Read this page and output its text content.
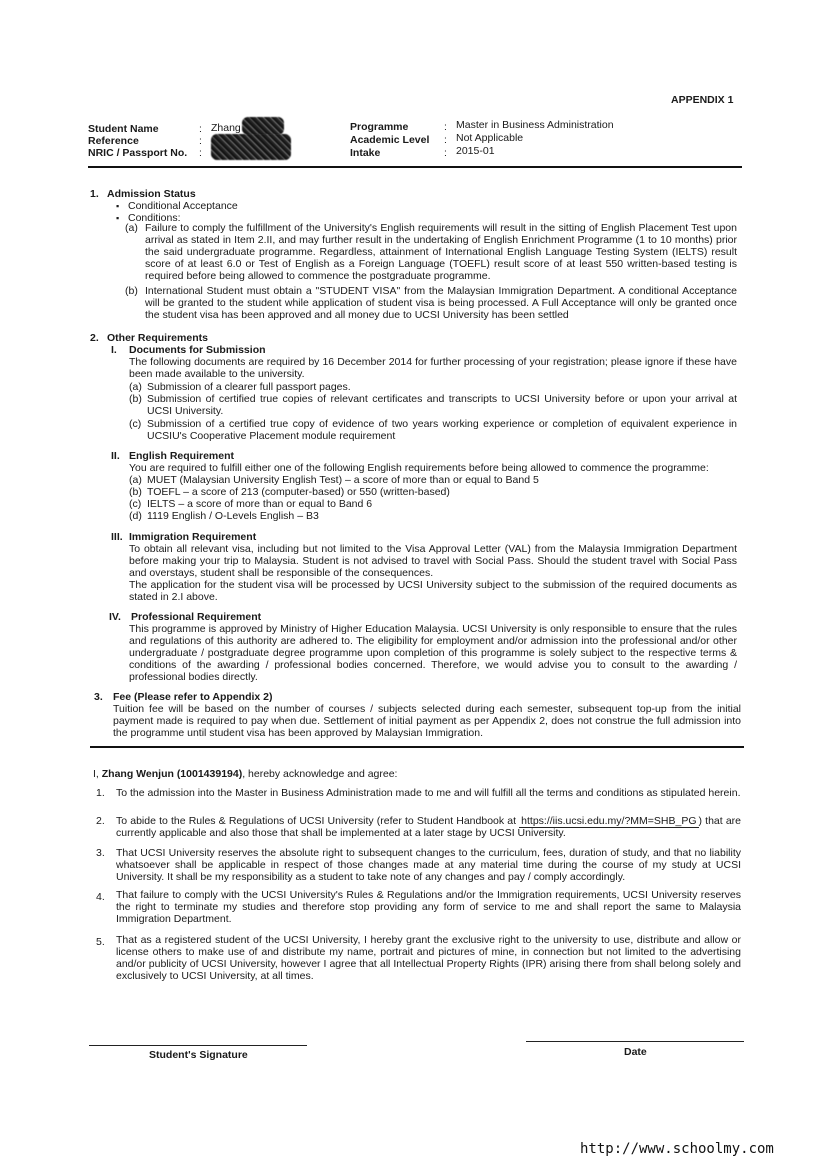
APPENDIX 1
Student Name
Reference
NRIC / Passport No.
:
:
:
Zhang	Programme
Academic Level
Intake
:
:
:
Master in Business Administration
Not Applicable
2015-01
1. Admission Status
▪ Conditional Acceptance
▪ Conditions:
(a) Failure to comply the fulfillment of the University's English requirements will result in the sitting of English Placement Test upon arrival as stated in Item 2.II, and may further result in the undertaking of English Enrichment Programme (1 to 10 months) prior the said undergraduate programme. Regardless, attainment of International English Language Testing System (IELTS) result score of at least 6.0 or Test of English as a Foreign Language (TOEFL) result score of at least 550 written-based testing is required before being allowed to commence the postgraduate programme.

(b) International Student must obtain a "STUDENT VISA" from the Malaysian Immigration Department. A conditional Acceptance will be granted to the student while application of student visa is being processed. A Full Acceptance will only be granted once the student visa has been approved and all money due to UCSI University has been settled

2. Other Requirements
I. Documents for Submission

The following documents are required by 16 December 2014 for further processing of your registration; please ignore if these have been made available to the university.

(a) Submission of a clearer full passport pages.

(b) Submission of certified true copies of relevant certificates and transcripts to UCSI University before or upon your arrival at UCSI University.

(c) Submission of a certified true copy of evidence of two years working experience or completion of equivalent experience in UCSIU's Cooperative Placement module requirement

II. English Requirement

You are required to fulfill either one of the following English requirements before being allowed to commence the programme:

(a) MUET (Malaysian University English Test) – a score of more than or equal to Band 5
(b) TOEFL – a score of 213 (computer-based) or 550 (written-based)
(c) IELTS – a score of more than or equal to Band 6
(d) 1119 English / O-Levels English – B3
III. Immigration Requirement

To obtain all relevant visa, including but not limited to the Visa Approval Letter (VAL) from the Malaysia Immigration Department before making your trip to Malaysia. Student is not advised to travel with Social Pass. Should the student travel with Social Pass and overstays, student shall be responsible of the consequences.

The application for the student visa will be processed by UCSI University subject to the submission of the required documents as stated in 2.I above.

IV. Professional Requirement

This programme is approved by Ministry of Higher Education Malaysia. UCSI University is only responsible to ensure that the rules and regulations of this authority are adhered to. The eligibility for employment and/or admission into the professional and/or other undergraduate / postgraduate degree programme upon completion of this programme is solely subject to the respective terms & conditions of the awarding / professional bodies concerned. Therefore, we would advise you to consult to the awarding / professional bodies directly.

3. Fee (Please refer to Appendix 2)

Tuition fee will be based on the number of courses / subjects selected during each semester, subsequent top-up from the initial payment made is required to pay when due. Settlement of initial payment as per Appendix 2, does not construe the full admission into the programme until student visa has been approved by Malaysian Immigration.

I, Zhang Wenjun (1001439194), hereby acknowledge and agree:
1. To the admission into the Master in Business Administration made to me and will fulfill all the terms and conditions as stipulated herein.

2. To abide to the Rules & Regulations of UCSI University (refer to Student Handbook at https://iis.ucsi.edu.my/?MM=SHB_PG ) that are currently applicable and also those that shall be implemented at a later stage by UCSI University.

3. That UCSI University reserves the absolute right to subsequent changes to the curriculum, fees, duration of study, and that no liability whatsoever shall be applicable in respect of those changes made at any material time during the course of my study at UCSI University. It shall be my responsibility as a student to take note of any changes and pay / comply accordingly.

4. That failure to comply with the UCSI University's Rules & Regulations and/or the Immigration requirements, UCSI University reserves the right to terminate my studies and therefore stop providing any form of service to me and shall report the same to Malaysia Immigration Department.

5. That as a registered student of the UCSI University, I hereby grant the exclusive right to the university to use, distribute and allow or license others to make use of and distribute my name, portrait and pictures of mine, in connection but not limited to the advertising and/or publicity of UCSI University, however I agree that all Intellectual Property Rights (IPR) arising there from shall belong solely and exclusively to UCSI University, at all times.

Student's Signature	Date
http://www.schoolmy.com
